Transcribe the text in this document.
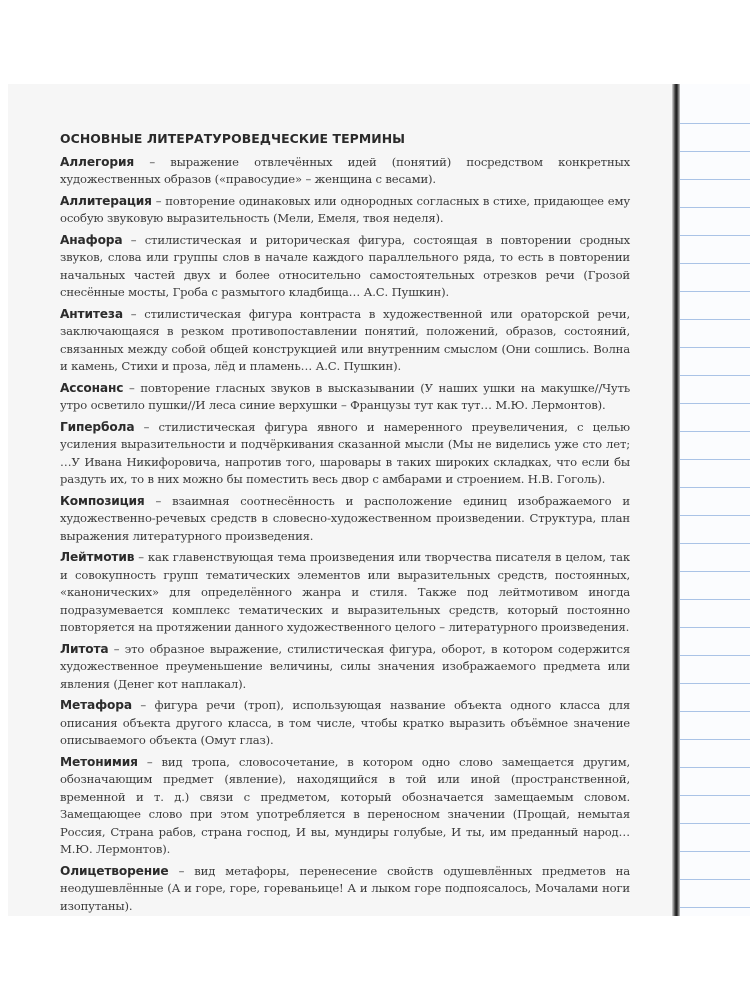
ОСНОВНЫЕ ЛИТЕРАТУРОВЕДЧЕСКИЕ ТЕРМИНЫ

Аллегория – выражение отвлечённых идей (понятий) посредством конкретных художественных образов («правосудие» – женщина с весами).

Аллитерация – повторение одинаковых или однородных согласных в стихе, придающее ему особую звуковую выразительность (Мели, Емеля, твоя неделя).

Анафора – стилистическая и риторическая фигура, состоящая в повторении сродных звуков, слова или группы слов в начале каждого параллельного ряда, то есть в повторении начальных частей двух и более относительно самостоятельных отрезков речи (Грозой снесённые мосты, Гроба с размытого кладбища… А.С. Пушкин).

Антитеза – стилистическая фигура контраста в художественной или ораторской речи, заключающаяся в резком противопоставлении понятий, положений, образов, состояний, связанных между собой общей конструкцией или внутренним смыслом (Они сошлись. Волна и камень, Стихи и проза, лёд и пламень… А.С. Пушкин).

Ассонанс – повторение гласных звуков в высказывании (У наших ушки на макушке//Чуть утро осветило пушки//И леса синие верхушки – Французы тут как тут… М.Ю. Лермонтов).

Гипербола – стилистическая фигура явного и намеренного преувеличения, с целью усиления выразительности и подчёркивания сказанной мысли (Мы не виделись уже сто лет; …У Ивана Никифоровича, напротив того, шаровары в таких широких складках, что если бы раздуть их, то в них можно бы поместить весь двор с амбарами и строением. Н.В. Гоголь).

Композиция – взаимная соотнесённость и расположение единиц изображаемого и художественно-речевых средств в словесно-художественном произведении. Структура, план выражения литературного произведения.

Лейтмотив – как главенствующая тема произведения или творчества писателя в целом, так и совокупность групп тематических элементов или выразительных средств, постоянных, «канонических» для определённого жанра и стиля. Также под лейтмотивом иногда подразумевается комплекс тематических и выразительных средств, который постоянно повторяется на протяжении данного художественного целого – литературного произведения.

Литота – это образное выражение, стилистическая фигура, оборот, в котором содержится художественное преуменьшение величины, силы значения изображаемого предмета или явления (Денег кот наплакал).

Метафора – фигура речи (троп), использующая название объекта одного класса для описания объекта другого класса, в том числе, чтобы кратко выразить объёмное значение описываемого объекта (Омут глаз).

Метонимия – вид тропа, словосочетание, в котором одно слово замещается другим, обозначающим предмет (явление), находящийся в той или иной (пространственной, временной и т. д.) связи с предметом, который обозначается замещаемым словом. Замещающее слово при этом употребляется в переносном значении (Прощай, немытая Россия, Страна рабов, страна господ, И вы, мундиры голубые, И ты, им преданный народ… М.Ю. Лермонтов).

Олицетворение – вид метафоры, перенесение свойств одушевлённых предметов на неодушевлённые (А и горе, горе, гореваньице! А и лыком горе подпоясалось, Мочалами ноги изопутаны).
